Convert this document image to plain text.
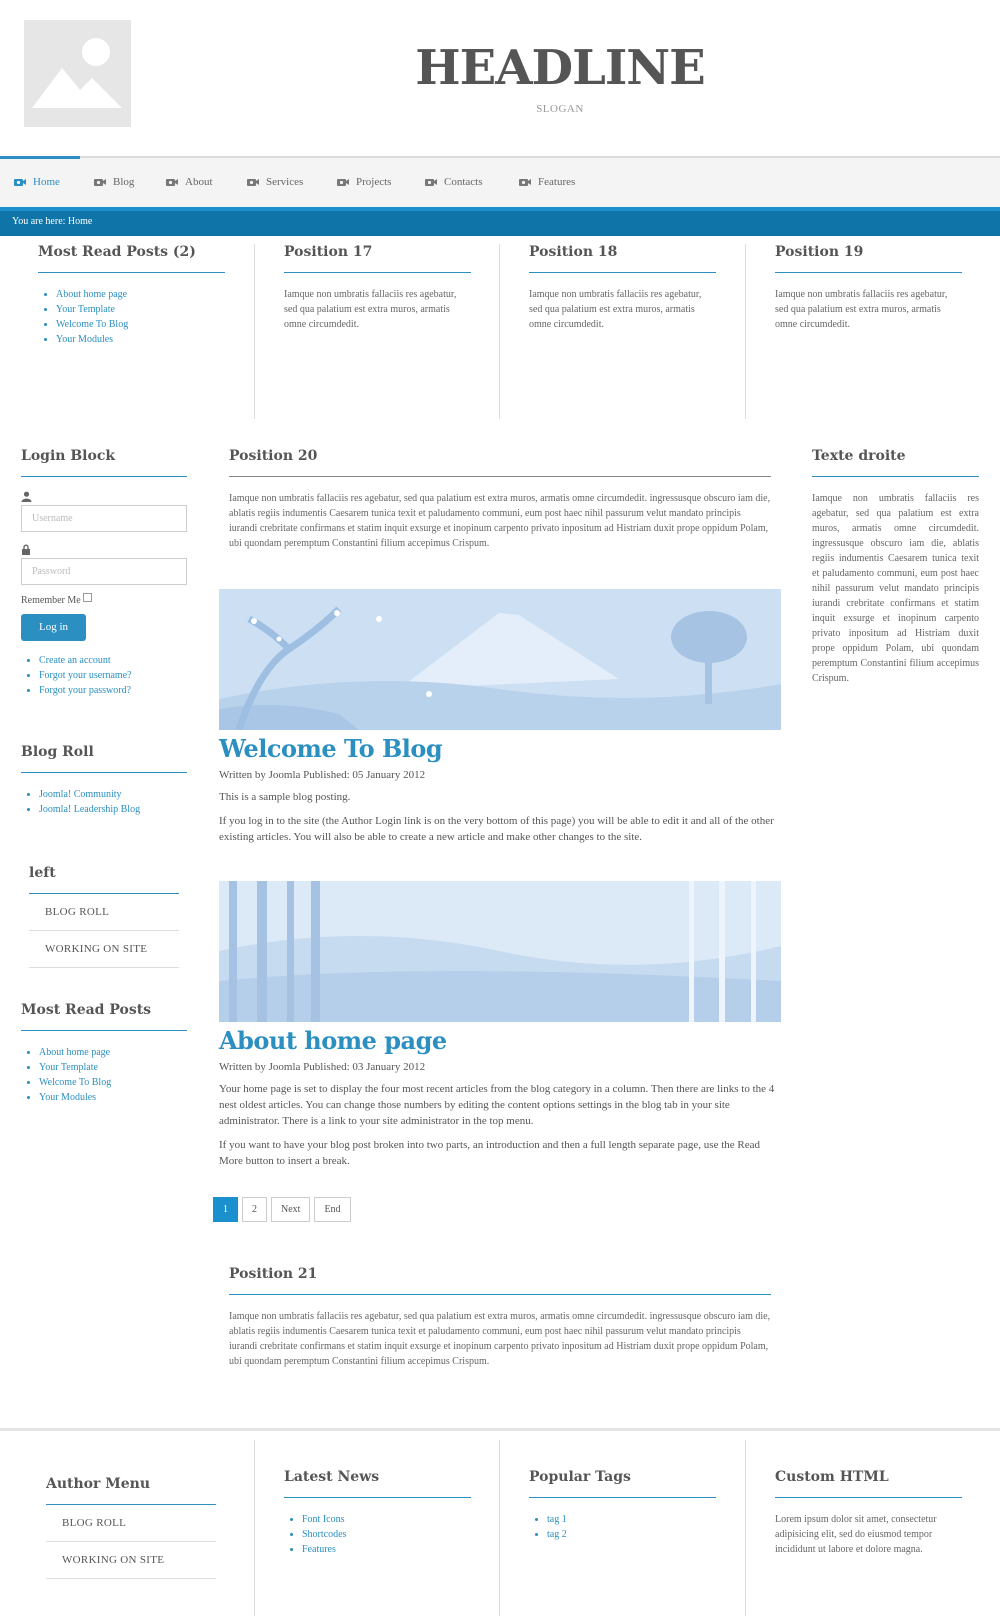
HEADLINE
SLOGAN
Home	Blog	About	Services	Projects	Contacts	Features
You are here: Home
Most Read Posts (2)
• About home page
• Your Template
• Welcome To Blog
• Your Modules
Position 17
Iamque non umbratis fallaciis res agebatur, sed qua palatium est extra muros, armatis omne circumdedit.
Position 18
Iamque non umbratis fallaciis res agebatur, sed qua palatium est extra muros, armatis omne circumdedit.
Position 19
Iamque non umbratis fallaciis res agebatur, sed qua palatium est extra muros, armatis omne circumdedit.
Login Block
Username
Password
Remember Me
Log in
• Create an account
• Forgot your username?
• Forgot your password?
Blog Roll
• Joomla! Community
• Joomla! Leadership Blog
left
BLOG ROLL
WORKING ON SITE
Most Read Posts
• About home page
• Your Template
• Welcome To Blog
• Your Modules
Position 20
Iamque non umbratis fallaciis res agebatur, sed qua palatium est extra muros, armatis omne circumdedit. ingressusque obscuro iam die, ablatis regiis indumentis Caesarem tunica texit et paludamento communi, eum post haec nihil passurum velut mandato principis iurandi crebritate confirmans et statim inquit exsurge et inopinum carpento privato inpositum ad Histriam duxit prope oppidum Polam, ubi quondam peremptum Constantini filium accepimus Crispum.
Welcome To Blog
Written by Joomla Published: 05 January 2012
This is a sample blog posting.
If you log in to the site (the Author Login link is on the very bottom of this page) you will be able to edit it and all of the other existing articles. You will also be able to create a new article and make other changes to the site.
About home page
Written by Joomla Published: 03 January 2012
Your home page is set to display the four most recent articles from the blog category in a column. Then there are links to the 4 nest oldest articles. You can change those numbers by editing the content options settings in the blog tab in your site administrator. There is a link to your site administrator in the top menu.
If you want to have your blog post broken into two parts, an introduction and then a full length separate page, use the Read More button to insert a break.
1	2	Next	End
Position 21
Iamque non umbratis fallaciis res agebatur, sed qua palatium est extra muros, armatis omne circumdedit. ingressusque obscuro iam die, ablatis regiis indumentis Caesarem tunica texit et paludamento communi, eum post haec nihil passurum velut mandato principis iurandi crebritate confirmans et statim inquit exsurge et inopinum carpento privato inpositum ad Histriam duxit prope oppidum Polam, ubi quondam peremptum Constantini filium accepimus Crispum.
Texte droite
Iamque non umbratis fallaciis res agebatur, sed qua palatium est extra muros, armatis omne circumdedit. ingressusque obscuro iam die, ablatis regiis indumentis Caesarem tunica texit et paludamento communi, eum post haec nihil passurum velut mandato principis iurandi crebritate confirmans et statim inquit exsurge et inopinum carpento privato inpositum ad Histriam duxit prope oppidum Polam, ubi quondam peremptum Constantini filium accepimus Crispum.
Author Menu
BLOG ROLL
WORKING ON SITE
Latest News
• Font Icons
• Shortcodes
• Features
Popular Tags
• tag 1
• tag 2
Custom HTML
Lorem ipsum dolor sit amet, consectetur adipisicing elit, sed do eiusmod tempor incididunt ut labore et dolore magna.
